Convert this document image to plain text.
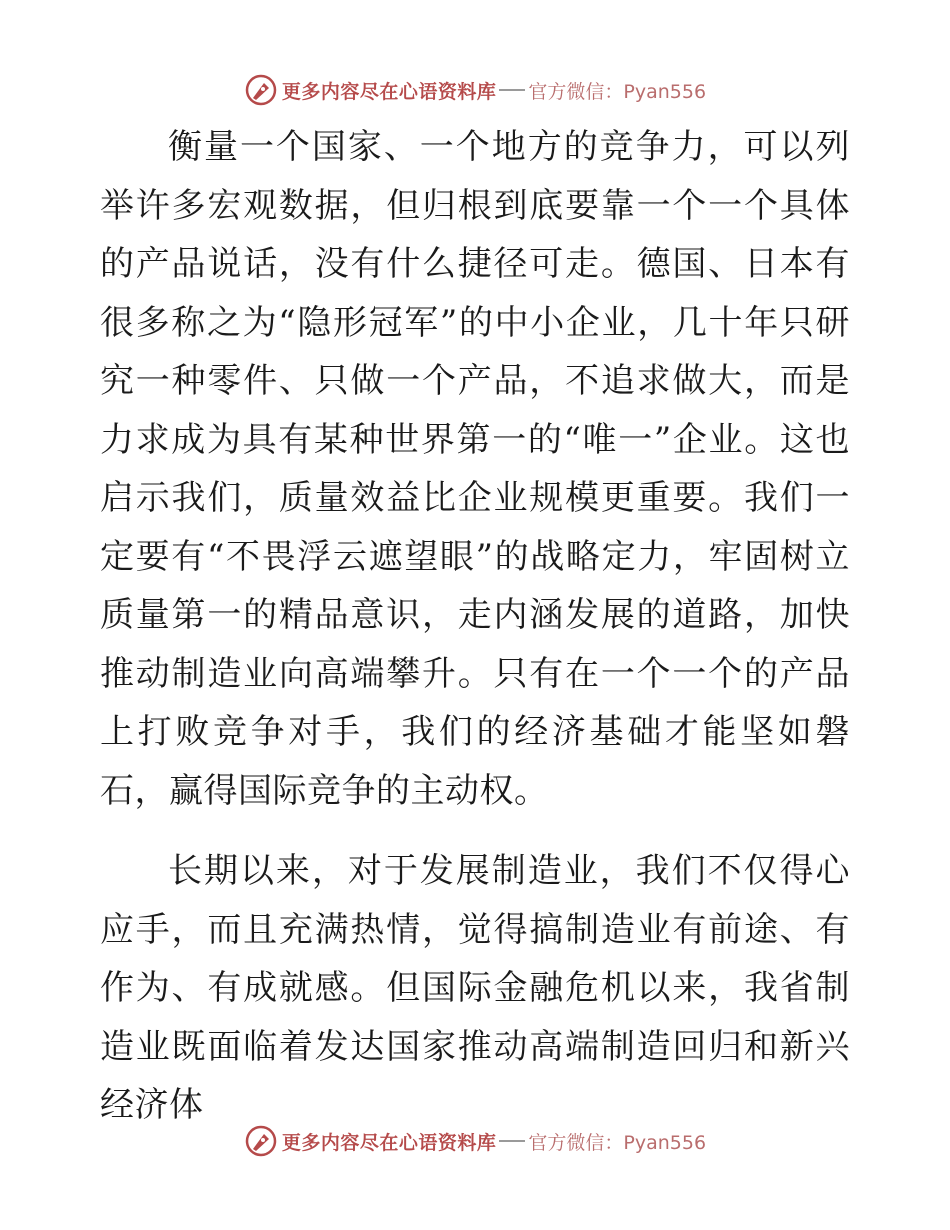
更多内容尽在心语资料库 官方微信：Pyan556

衡量一个国家、一个地方的竞争力，可以列举许多宏观数据，但归根到底要靠一个一个具体的产品说话，没有什么捷径可走。德国、日本有很多称之为“隐形冠军”的中小企业，几十年只研究一种零件、只做一个产品，不追求做大，而是力求成为具有某种世界第一的“唯一”企业。这也启示我们，质量效益比企业规模更重要。我们一定要有“不畏浮云遮望眼”的战略定力，牢固树立质量第一的精品意识，走内涵发展的道路，加快推动制造业向高端攀升。只有在一个一个的产品上打败竞争对手，我们的经济基础才能坚如磐石，赢得国际竞争的主动权。

长期以来，对于发展制造业，我们不仅得心应手，而且充满热情，觉得搞制造业有前途、有作为、有成就感。但国际金融危机以来，我省制造业既面临着发达国家推动高端制造回归和新兴经济体

更多内容尽在心语资料库 官方微信：Pyan556
